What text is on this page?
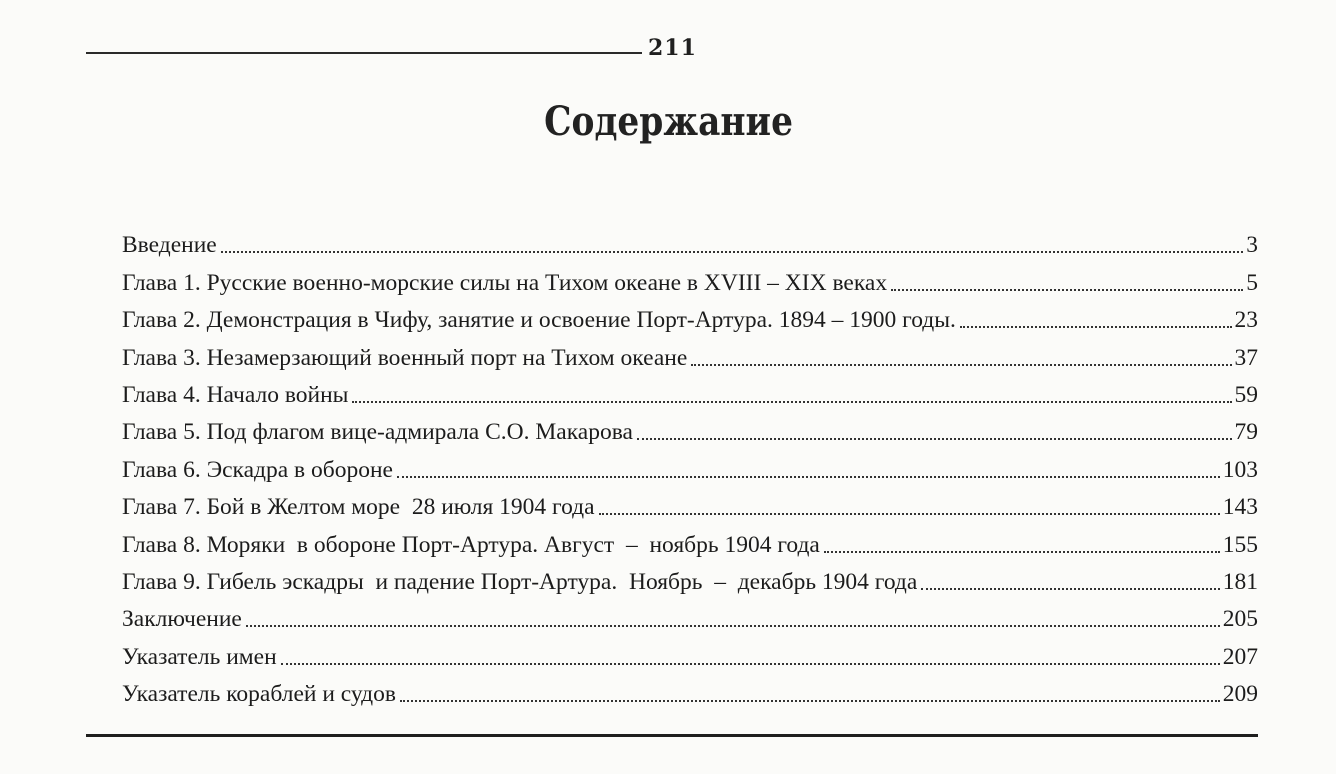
211
Содержание
Введение	3
Глава 1. Русские военно-морские силы на Тихом океане в XVIII – XIX веках	5
Глава 2. Демонстрация в Чифу, занятие и освоение Порт-Артура. 1894 – 1900 годы.	23
Глава 3. Незамерзающий военный порт на Тихом океане	37
Глава 4. Начало войны	59
Глава 5. Под флагом вице-адмирала С.О. Макарова	79
Глава 6. Эскадра в обороне	103
Глава 7. Бой в Желтом море  28 июля 1904 года	143
Глава 8. Моряки  в обороне Порт-Артура. Август  –  ноябрь 1904 года	155
Глава 9. Гибель эскадры  и падение Порт-Артура.  Ноябрь  –  декабрь 1904 года	181
Заключение	205
Указатель имен	207
Указатель кораблей и судов	209
